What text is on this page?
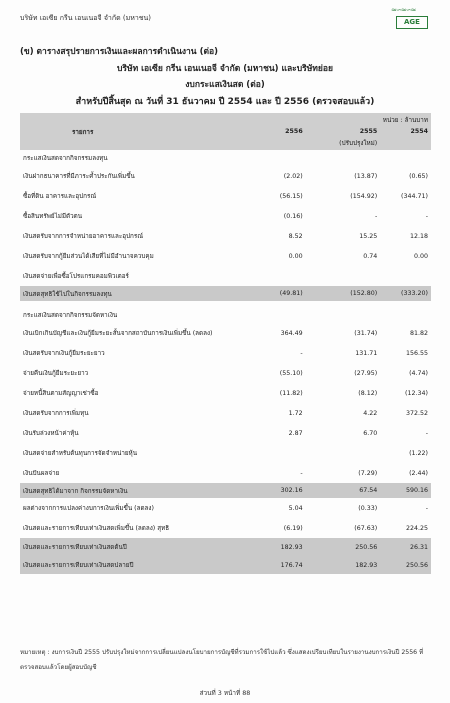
บริษัท เอเซีย กรีน เอนเนอจี จำกัด (มหาชน)
≈∽≈∽≈
AGE
(ข) ตารางสรุปรายการเงินและผลการดำเนินงาน (ต่อ)
บริษัท เอเซีย กรีน เอนเนอจี จำกัด (มหาชน) และบริษัทย่อย
งบกระแสเงินสด (ต่อ)
สำหรับปีสิ้นสุด ณ วันที่ 31 ธันวาคม ปี 2554 และ ปี 2556 (ตรวจสอบแล้ว)
		หน่วย : ล้านบาท	
รายการ	2556	2555	2554
		(ปรับปรุงใหม่)	
กระแสเงินสดจากกิจกรรมลงทุน			
เงินฝากธนาคารที่มีภาระค้ำประกันเพิ่มขึ้น	(2.02)	(13.87)	(0.65)
ซื้อที่ดิน อาคารและอุปกรณ์	(56.15)	(154.92)	(344.71)
ซื้อสินทรัพย์ไม่มีตัวตน	(0.16)	-	-
เงินสดรับจากการจำหน่ายอาคารและอุปกรณ์	8.52	15.25	12.18
เงินสดรับจากกู้ยืมส่วนได้เสียที่ไม่มีอำนาจควบคุม	0.00	0.74	0.00
เงินสดจ่ายเพื่อซื้อโปรแกรมคอมพิวเตอร์			
เงินสดสุทธิใช้ไปในกิจกรรมลงทุน	(49.81)	(152.80)	(333.20)

กระแสเงินสดจากกิจกรรมจัดหาเงิน			
เงินเบิกเกินบัญชีและเงินกู้ยืมระยะสั้นจากสถาบันการเงินเพิ่มขึ้น (ลดลง)	364.49	(31.74)	81.82
เงินสดรับจากเงินกู้ยืมระยะยาว	-	131.71	156.55
จ่ายคืนเงินกู้ยืมระยะยาว	(55.10)	(27.95)	(4.74)
จ่ายหนี้สินตามสัญญาเช่าซื้อ	(11.82)	(8.12)	(12.34)
เงินสดรับจากการเพิ่มทุน	1.72	4.22	372.52
เงินรับล่วงหน้าค่าหุ้น	2.87	6.70	-
เงินสดจ่ายสำหรับต้นทุนการจัดจำหน่ายหุ้น			(1.22)
เงินปันผลจ่าย	-	(7.29)	(2.44)
เงินสดสุทธิได้มาจาก กิจกรรมจัดหาเงิน	302.16	67.54	590.16
ผลต่างจากการแปลงค่างบการเงินเพิ่มขึ้น (ลดลง)	5.04	(0.33)	-
เงินสดและรายการเทียบเท่าเงินสดเพิ่มขึ้น (ลดลง) สุทธิ	(6.19)	(67.63)	224.25
เงินสดและรายการเทียบเท่าเงินสดต้นปี	182.93	250.56	26.31
เงินสดและรายการเทียบเท่าเงินสดปลายปี	176.74	182.93	250.56
หมายเหตุ : งบการเงินปี 2555 ปรับปรุงใหม่จากการเปลี่ยนแปลงนโยบายการบัญชีที่รวมการใช้ไปแล้ว ซึ่งแสดงเปรียบเทียบในรายงานงบการเงินปี 2556 ที่ตรวจสอบแล้วโดยผู้สอบบัญชี
ส่วนที่ 3 หน้าที่ 88
